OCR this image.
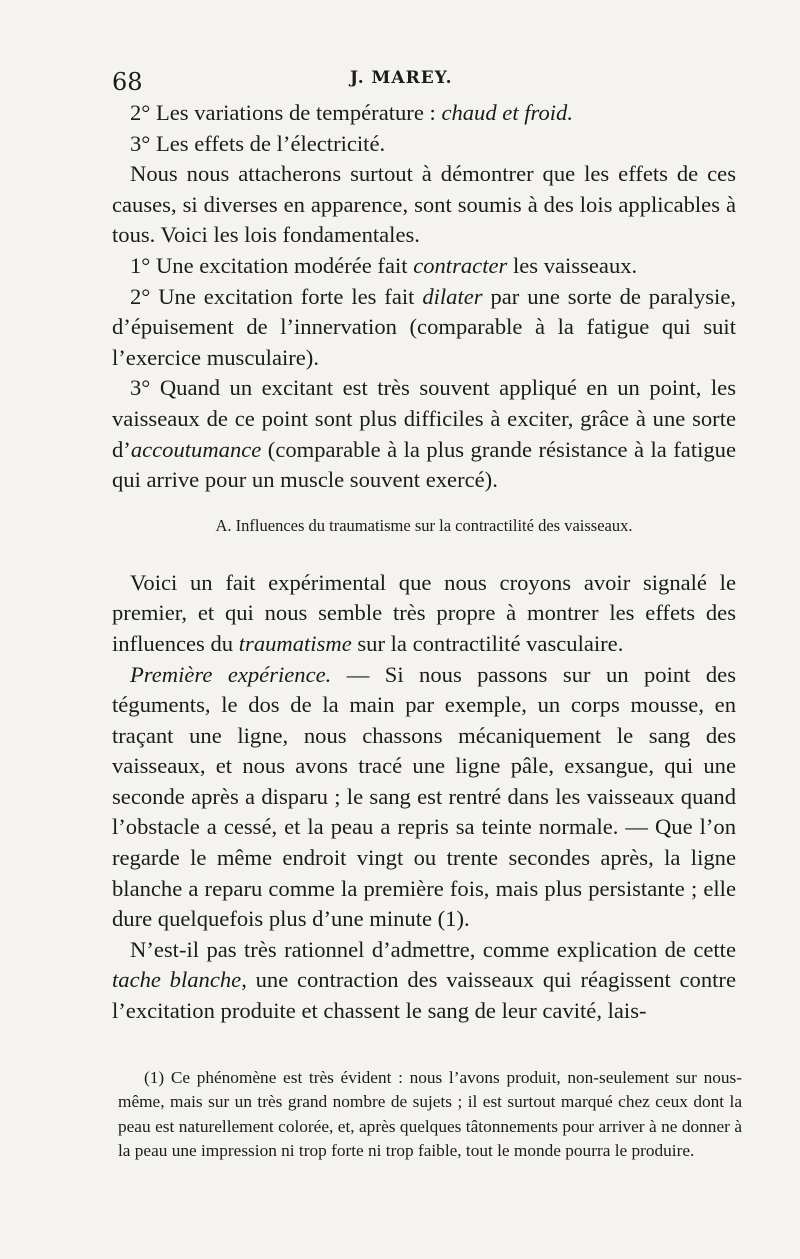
68	J. MAREY.

2° Les variations de température : chaud et froid.

3° Les effets de l’électricité.

Nous nous attacherons surtout à démontrer que les effets de ces causes, si diverses en apparence, sont soumis à des lois applicables à tous. Voici les lois fondamentales.

1° Une excitation modérée fait contracter les vaisseaux.

2° Une excitation forte les fait dilater par une sorte de paralysie, d’épuisement de l’innervation (comparable à la fatigue qui suit l’exercice musculaire).

3° Quand un excitant est très souvent appliqué en un point, les vaisseaux de ce point sont plus difficiles à exciter, grâce à une sorte d’accoutumance (comparable à la plus grande résistance à la fatigue qui arrive pour un muscle souvent exercé).

A. Influences du traumatisme sur la contractilité des vaisseaux.

Voici un fait expérimental que nous croyons avoir signalé le premier, et qui nous semble très propre à montrer les effets des influences du traumatisme sur la contractilité vasculaire.

Première expérience. — Si nous passons sur un point des téguments, le dos de la main par exemple, un corps mousse, en traçant une ligne, nous chassons mécaniquement le sang des vaisseaux, et nous avons tracé une ligne pâle, exsangue, qui une seconde après a disparu ; le sang est rentré dans les vaisseaux quand l’obstacle a cessé, et la peau a repris sa teinte normale. — Que l’on regarde le même endroit vingt ou trente secondes après, la ligne blanche a reparu comme la première fois, mais plus persistante ; elle dure quelquefois plus d’une minute (1).

N’est-il pas très rationnel d’admettre, comme explication de cette tache blanche, une contraction des vaisseaux qui réagissent contre l’excitation produite et chassent le sang de leur cavité, lais-

(1) Ce phénomène est très évident : nous l’avons produit, non-seulement sur nous-même, mais sur un très grand nombre de sujets ; il est surtout marqué chez ceux dont la peau est naturellement colorée, et, après quelques tâtonnements pour arriver à ne donner à la peau une impression ni trop forte ni trop faible, tout le monde pourra le produire.
